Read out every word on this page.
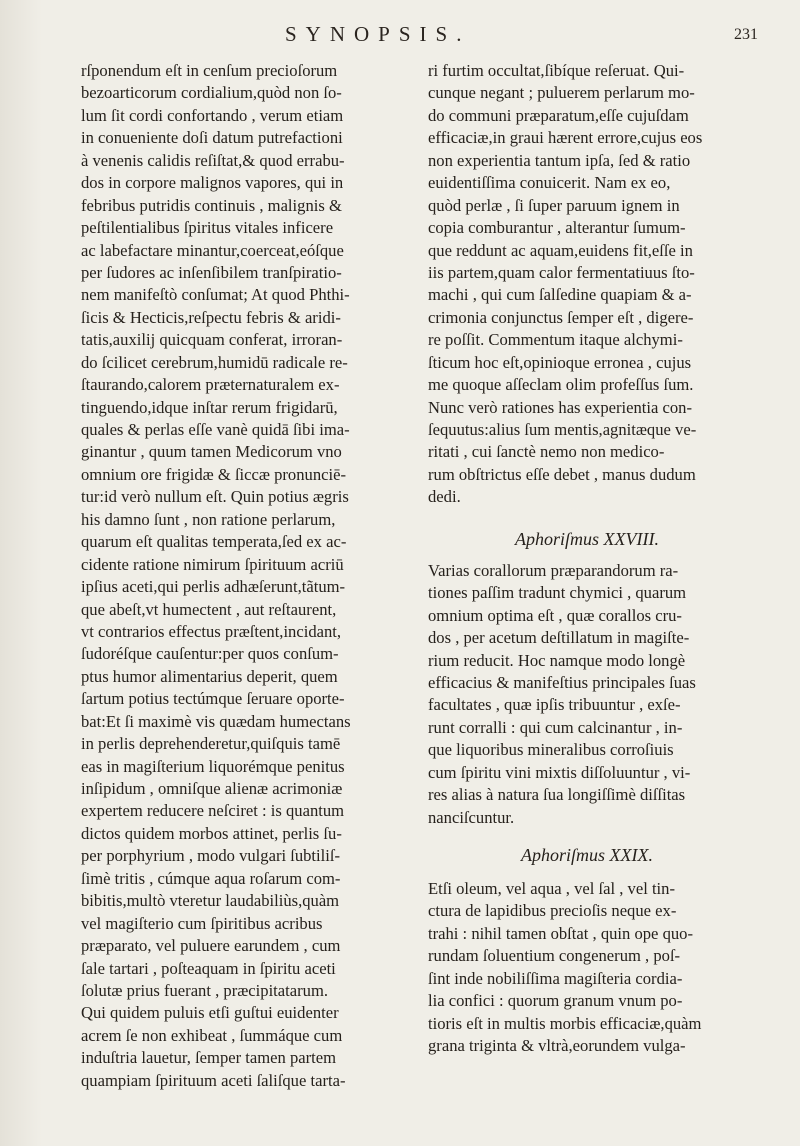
SYNOPSIS.	231
rſponendum eſt in cenſum precioſorum
bezoarticorum cordialium,quòd non ſo-
lum ſit cordi confortando , verum etiam
in conueniente doſi datum putrefactioni
à venenis calidis reſiſtat,& quod errabu-
dos in corpore malignos vapores, qui in
febribus putridis continuis , malignis &
peſtilentialibus ſpiritus vitales inficere
ac labefactare minantur,coerceat,eóſque
per ſudores ac inſenſibilem tranſpiratio-
nem manifeſtò conſumat; At quod Phthi-
ſicis & Hecticis,reſpectu febris & aridi-
tatis,auxilij quicquam conferat, irroran-
do ſcilicet cerebrum,humidū radicale re-
ſtaurando,calorem præternaturalem ex-
tinguendo,idque inſtar rerum frigidarū,
quales & perlas eſſe vanè quidā ſibi ima-
ginantur , quum tamen Medicorum vno
omnium ore frigidæ & ſiccæ pronunciē-
tur:id verò nullum eſt. Quin potius ægris
his damno ſunt , non ratione perlarum,
quarum eſt qualitas temperata,ſed ex ac-
cidente ratione nimirum ſpirituum acriū
ipſius aceti,qui perlis adhæſerunt,tãtum-
que abeſt,vt humectent , aut reſtaurent,
vt contrarios effectus præſtent,incidant,
ſudoréſque cauſentur:per quos conſum-
ptus humor alimentarius deperit, quem
ſartum potius tectúmque ſeruare oporte-
bat:Et ſi maximè vis quædam humectans
in perlis deprehenderetur,quiſquis tamē
eas in magiſterium liquorémque penitus
inſipidum , omniſque alienæ acrimoniæ
expertem reducere neſciret : is quantum
dictos quidem morbos attinet, perlis ſu-
per porphyrium , modo vulgari ſubtiliſ-
ſimè tritis , cúmque aqua roſarum com-
bibitis,multò vteretur laudabiliùs,quàm
vel magiſterio cum ſpiritibus acribus
præparato, vel puluere earundem , cum
ſale tartari , poſteaquam in ſpiritu aceti
ſolutæ prius fuerant , præcipitatarum.
Qui quidem puluis etſi guſtui euidenter
acrem ſe non exhibeat , ſummáque cum
induſtria lauetur, ſemper tamen partem
quampiam ſpirituum aceti ſaliſque tarta-
ri furtim occultat,ſibíque reſeruat. Qui-
cunque negant ; puluerem perlarum mo-
do communi præparatum,eſſe cujuſdam
efficaciæ,in graui hærent errore,cujus eos
non experientia tantum ipſa, ſed & ratio
euidentiſſima conuicerit. Nam ex eo,
quòd perlæ , ſi ſuper paruum ignem in
copia comburantur , alterantur ſumum-
que reddunt ac aquam,euidens fit,eſſe in
iis partem,quam calor fermentatiuus ſto-
machi , qui cum ſalſedine quapiam & a-
crimonia conjunctus ſemper eſt , digere-
re poſſit. Commentum itaque alchymi-
ſticum hoc eſt,opinioque erronea , cujus
me quoque aſſeclam olim profeſſus ſum.
Nunc verò rationes has experientia con-
ſequutus:alius ſum mentis,agnitæque ve-
ritati , cui ſanctè nemo non medico-
rum obſtrictus eſſe debet , manus dudum
dedi.
Aphoriſmus XXVIII.
Varias corallorum præparandorum ra-
tiones paſſim tradunt chymici , quarum
omnium optima eſt , quæ corallos cru-
dos , per acetum deſtillatum in magiſte-
rium reducit. Hoc namque modo longè
efficacius & manifeſtius principales ſuas
facultates , quæ ipſis tribuuntur , exſe-
runt corralli : qui cum calcinantur , in-
que liquoribus mineralibus corroſiuis
cum ſpiritu vini mixtis diſſoluuntur , vi-
res alias à natura ſua longiſſimè diſſitas
nanciſcuntur.
Aphoriſmus XXIX.
Etſi oleum, vel aqua , vel ſal , vel tin-
ctura de lapidibus precioſis neque ex-
trahi : nihil tamen obſtat , quin ope quo-
rundam ſoluentium congenerum , poſ-
ſint inde nobiliſſima magiſteria cordia-
lia confici : quorum granum vnum po-
tioris eſt in multis morbis efficaciæ,quàm
grana triginta & vltrà,eorundem vulga-
